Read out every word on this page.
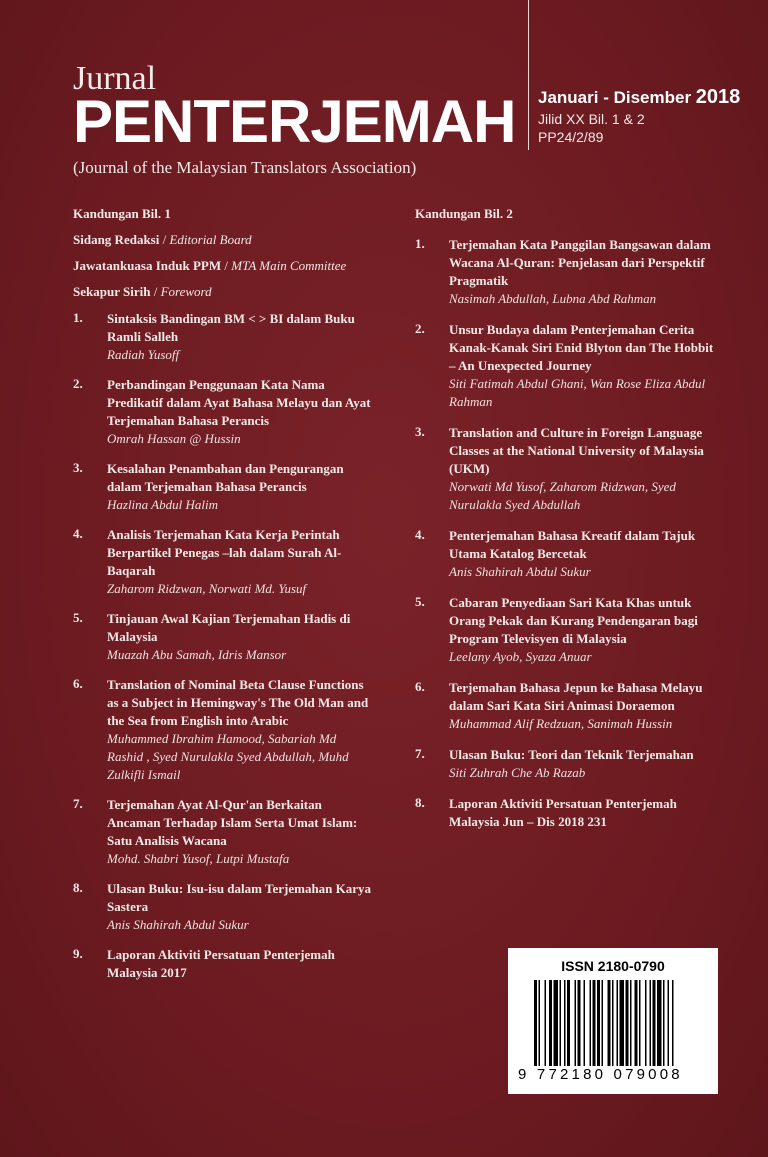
Jurnal
PENTERJEMAH
(Journal of the Malaysian Translators Association)
Januari - Disember 2018
Jilid XX Bil. 1 & 2
PP24/2/89
Kandungan Bil. 1
Sidang Redaksi / Editorial Board
Jawatankuasa Induk PPM / MTA Main Committee
Sekapur Sirih / Foreword
1.	Sintaksis Bandingan BM < > BI dalam Buku Ramli Salleh
Radiah Yusoff
2.	Perbandingan Penggunaan Kata Nama Predikatif dalam Ayat Bahasa Melayu dan Ayat Terjemahan Bahasa Perancis
Omrah Hassan @ Hussin
3.	Kesalahan Penambahan dan Pengurangan dalam Terjemahan Bahasa Perancis
Hazlina Abdul Halim
4.	Analisis Terjemahan Kata Kerja Perintah Berpartikel Penegas –lah dalam Surah Al-Baqarah
Zaharom Ridzwan, Norwati Md. Yusuf
5.	Tinjauan Awal Kajian Terjemahan Hadis di Malaysia
Muazah Abu Samah, Idris Mansor
6.	Translation of Nominal Beta Clause Functions as a Subject in Hemingway's The Old Man and the Sea from English into Arabic
Muhammed Ibrahim Hamood, Sabariah Md Rashid , Syed Nurulakla Syed Abdullah, Muhd Zulkifli Ismail
7.	Terjemahan Ayat Al-Qur'an Berkaitan Ancaman Terhadap Islam Serta Umat Islam: Satu Analisis Wacana
Mohd. Shabri Yusof, Lutpi Mustafa
8.	Ulasan Buku: Isu-isu dalam Terjemahan Karya Sastera
Anis Shahirah Abdul Sukur
9.	Laporan Aktiviti Persatuan Penterjemah Malaysia 2017
Kandungan Bil. 2
1.	Terjemahan Kata Panggilan Bangsawan dalam Wacana Al-Quran: Penjelasan dari Perspektif Pragmatik
Nasimah Abdullah, Lubna Abd Rahman
2.	Unsur Budaya dalam Penterjemahan Cerita Kanak-Kanak Siri Enid Blyton dan The Hobbit – An Unexpected Journey
Siti Fatimah Abdul Ghani, Wan Rose Eliza Abdul Rahman
3.	Translation and Culture in Foreign Language Classes at the National University of Malaysia (UKM)
Norwati Md Yusof, Zaharom Ridzwan, Syed Nurulakla Syed Abdullah
4.	Penterjemahan Bahasa Kreatif dalam Tajuk Utama Katalog Bercetak
Anis Shahirah Abdul Sukur
5.	Cabaran Penyediaan Sari Kata Khas untuk Orang Pekak dan Kurang Pendengaran bagi Program Televisyen di Malaysia
Leelany Ayob, Syaza Anuar
6.	Terjemahan Bahasa Jepun ke Bahasa Melayu dalam Sari Kata Siri Animasi Doraemon
Muhammad Alif Redzuan, Sanimah Hussin
7.	Ulasan Buku: Teori dan Teknik Terjemahan
Siti Zuhrah Che Ab Razab
8.	Laporan Aktiviti Persatuan Penterjemah Malaysia Jun – Dis 2018 231
ISSN 2180-0790
9 772180 079008
